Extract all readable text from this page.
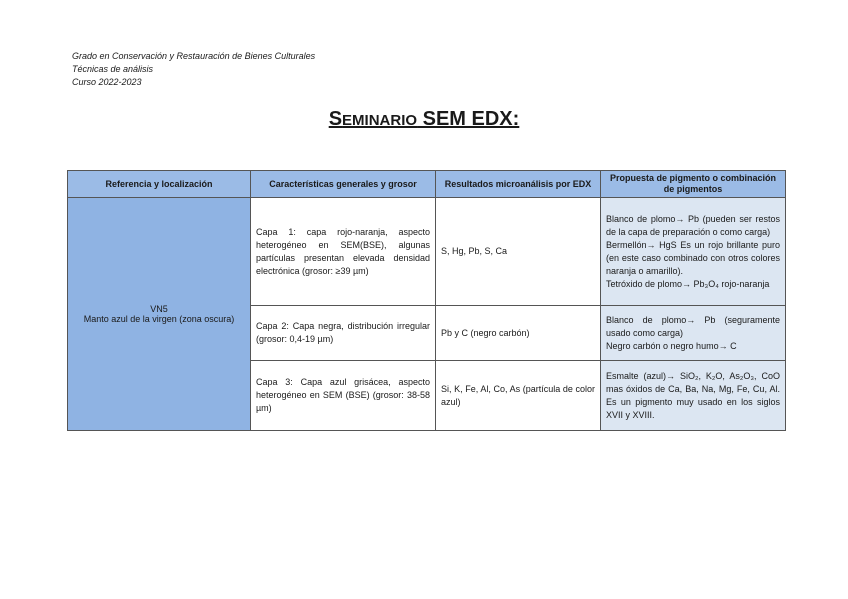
Grado en Conservación y Restauración de Bienes Culturales
Técnicas de análisis
Curso 2022-2023
SEMINARIO SEM EDX:
Referencia y localización	Características generales y grosor	Resultados microanálisis por EDX	Propuesta de pigmento o combinación de pigmentos

VN5
Manto azul de la virgen (zona oscura)	Capa 1: capa rojo-naranja, aspecto heterogéneo en SEM(BSE), algunas partículas presentan elevada densidad electrónica (grosor: ≥39 µm)	S, Hg, Pb, S, Ca	Blanco de plomo→ Pb (pueden ser restos de la capa de preparación o como carga)
Bermellón→ HgS Es un rojo brillante puro (en este caso combinado con otros colores naranja o amarillo).
Tetróxido de plomo→ Pb₃O₄ rojo-naranja

	Capa 2: Capa negra, distribución irregular (grosor: 0,4-19 µm)	Pb y C (negro carbón)	Blanco de plomo→ Pb (seguramente usado como carga)
Negro carbón o negro humo→ C

	Capa 3: Capa azul grisácea, aspecto heterogéneo en SEM (BSE) (grosor: 38-58 µm)	Si, K, Fe, Al, Co, As (partícula de color azul)	Esmalte (azul)→ SiO₂, K₂O, As₂O₃, CoO mas óxidos de Ca, Ba, Na, Mg, Fe, Cu, Al. Es un pigmento muy usado en los siglos XVII y XVIII.
